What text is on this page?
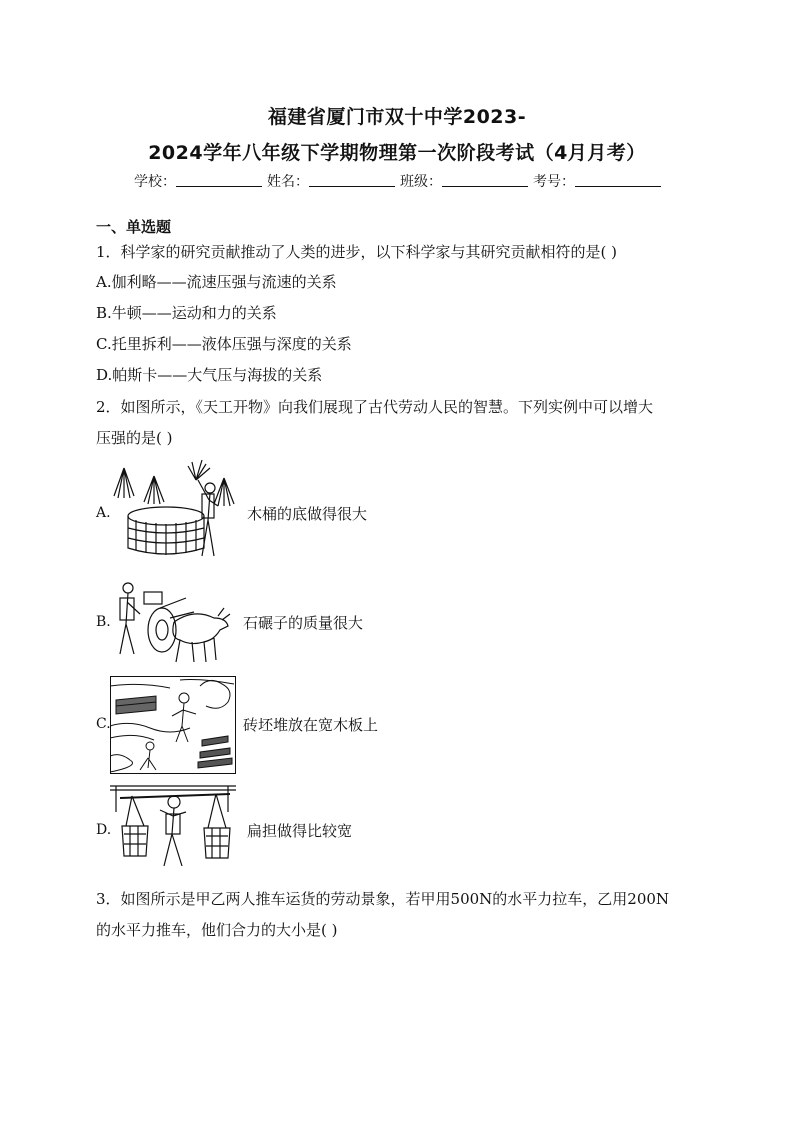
福建省厦门市双十中学2023-
2024学年八年级下学期物理第一次阶段考试（4月月考）
学校：	姓名：	班级：	考号：
一、单选题
1．科学家的研究贡献推动了人类的进步，以下科学家与其研究贡献相符的是( )
A.伽利略——流速压强与流速的关系
B.牛顿——运动和力的关系
C.托里拆利——液体压强与深度的关系
D.帕斯卡——大气压与海拔的关系
2．如图所示，《天工开物》向我们展现了古代劳动人民的智慧。下列实例中可以增大
压强的是( )
A.	木桶的底做得很大
B.	石碾子的质量很大
C.	砖坯堆放在宽木板上
D.	扁担做得比较宽
3．如图所示是甲乙两人推车运货的劳动景象，若甲用500N的水平力拉车，乙用200N
的水平力推车，他们合力的大小是( )
